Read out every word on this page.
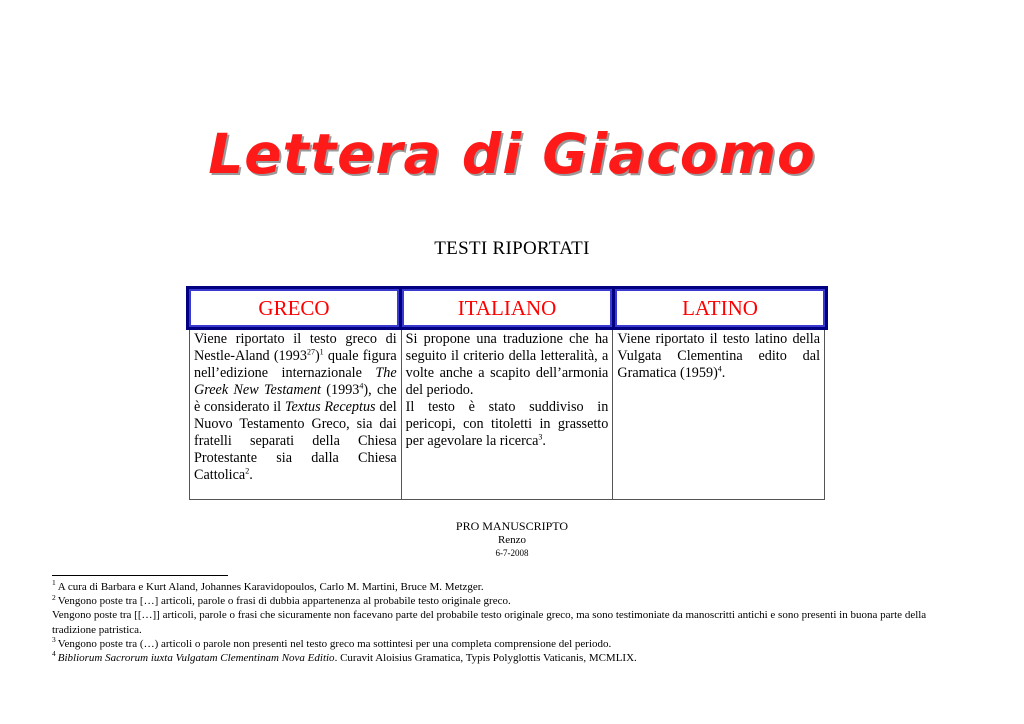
Lettera di Giacomo
TESTI RIPORTATI
GRECO	ITALIANO	LATINO

Viene riportato il testo greco di Nestle-Aland $(1993^{27})^1$ quale figura nell’edizione internazionale The Greek New Testament (1993$^4$), che è considerato il Textus Receptus del Nuovo Testamento Greco, sia dai fratelli separati della Chiesa Protestante sia dalla Chiesa Cattolica$^2$.

Si propone una traduzione che ha seguito il criterio della letteralità, a volte anche a scapito dell’armonia del periodo.

Il testo è stato suddiviso in pericopi, con titoletti in grassetto per agevolare la ricerca$^3$.

Viene riportato il testo latino della Vulgata Clementina edito dal Gramatica $(1959)^4$.

PRO MANUSCRIPTO
Renzo
6-7-2008

$^1$ A cura di Barbara e Kurt Aland, Johannes Karavidopoulos, Carlo M. Martini, Bruce M. Metzger.

$^2$ Vengono poste tra […] articoli, parole o frasi di dubbia appartenenza al probabile testo originale greco.

Vengono poste tra [[…]] articoli, parole o frasi che sicuramente non facevano parte del probabile testo originale greco, ma sono testimoniate da manoscritti antichi e sono presenti in buona parte della tradizione patristica.

$^3$ Vengono poste tra (…) articoli o parole non presenti nel testo greco ma sottintesi per una completa comprensione del periodo.

$^4$ Bibliorum Sacrorum iuxta Vulgatam Clementinam Nova Editio. Curavit Aloisius Gramatica, Typis Polyglottis Vaticanis, MCMLIX.
